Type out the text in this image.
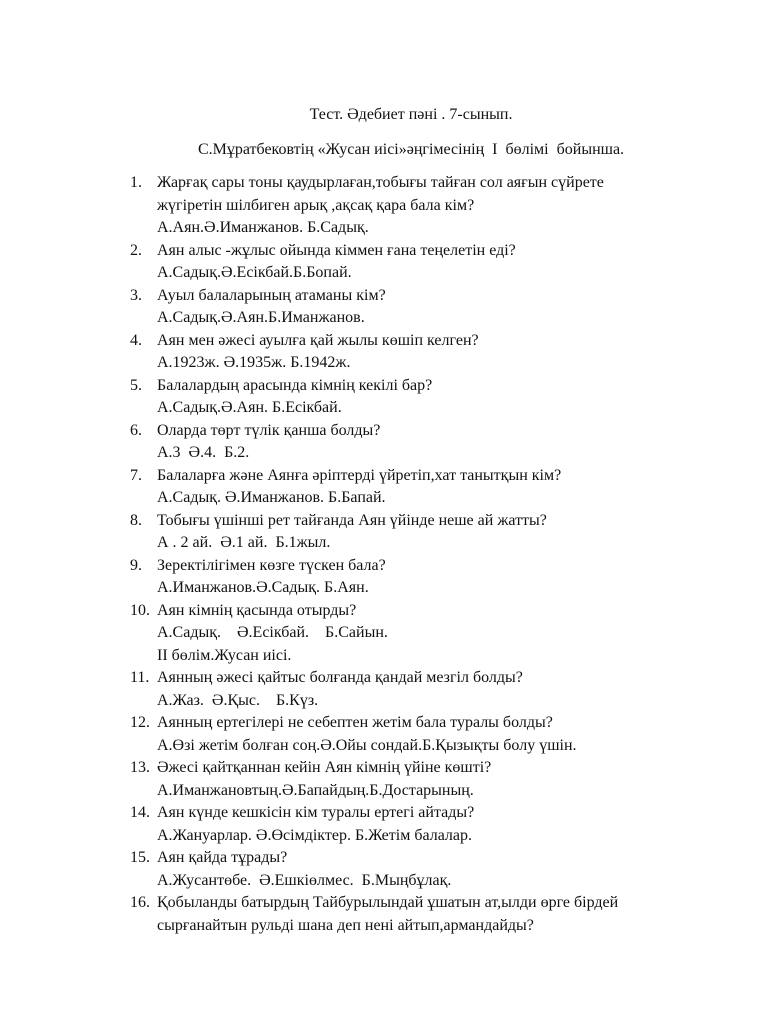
Тест. Әдебиет пәні . 7-сынып.
С.Мұратбековтің «Жусан иісі»әңгімесінің  І  бөлімі  бойынша.
1. Жарғақ сары тоны қаудырлаған,тобығы тайған сол аяғын сүйрете
жүгіретін шілбиген арық ,ақсақ қара бала кім?
А.Аян.Ә.Иманжанов. Б.Садық.
2. Аян алыс -жұлыс ойында кіммен ғана теңелетін еді?
А.Садық.Ә.Есікбай.Б.Бопай.
3. Ауыл балаларының атаманы кім?
А.Садық.Ә.Аян.Б.Иманжанов.
4. Аян мен әжесі ауылға қай жылы көшіп келген?
А.1923ж. Ә.1935ж. Б.1942ж.
5. Балалардың арасында кімнің кекілі бар?
А.Садық.Ә.Аян. Б.Есікбай.
6. Оларда төрт түлік қанша болды?
А.3  Ә.4.  Б.2.
7. Балаларға және Аянға әріптерді үйретіп,хат танытқын кім?
А.Садық. Ә.Иманжанов. Б.Бапай.
8. Тобығы үшінші рет тайғанда Аян үйінде неше ай жатты?
А . 2 ай.  Ә.1 ай.  Б.1жыл.
9. Зеректілігімен көзге түскен бала?
А.Иманжанов.Ә.Садық. Б.Аян.
10. Аян кімнің қасында отырды?
А.Садық.    Ә.Есікбай.    Б.Сайын.
ІІ бөлім.Жусан иісі.
11. Аянның әжесі қайтыс болғанда қандай мезгіл болды?
А.Жаз.  Ә.Қыс.    Б.Күз.
12. Аянның ертегілері не себептен жетім бала туралы болды?
А.Өзі жетім болған соң.Ә.Ойы сондай.Б.Қызықты болу үшін.
13. Әжесі қайтқаннан кейін Аян кімнің үйіне көшті?
А.Иманжановтың.Ә.Бапайдың.Б.Достарының.
14. Аян күнде кешкісін кім туралы ертегі айтады?
А.Жануарлар. Ә.Өсімдіктер. Б.Жетім балалар.
15. Аян қайда тұрады?
А.Жусантөбе.  Ә.Ешкіөлмес.  Б.Мыңбұлақ.
16. Қобыланды батырдың Тайбурылындай ұшатын ат,ылди өрге бірдей
сырғанайтын рульді шана деп нені айтып,армандайды?
